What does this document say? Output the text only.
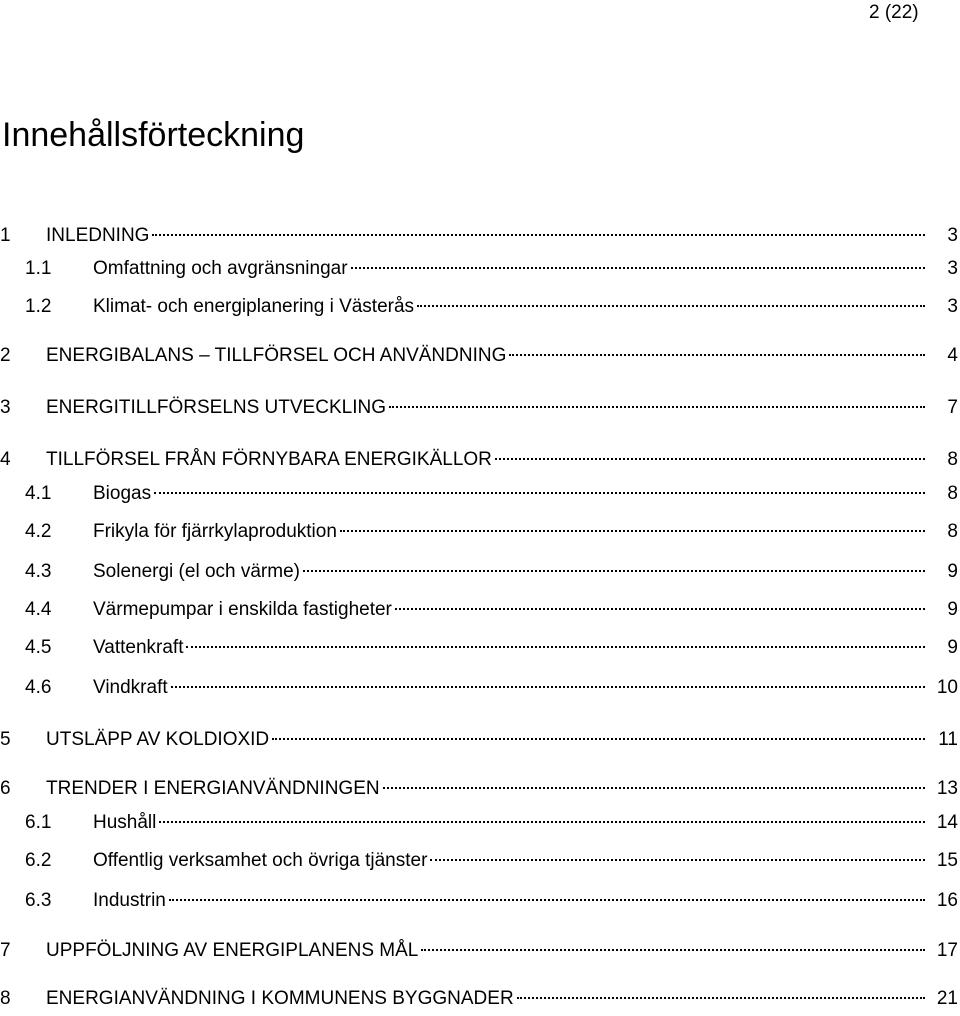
2 (22)
Innehållsförteckning
1 INLEDNING	3
1.1 Omfattning och avgränsningar	3
1.2 Klimat- och energiplanering i Västerås	3
2 ENERGIBALANS – TILLFÖRSEL OCH ANVÄNDNING	4
3 ENERGITILLFÖRSELNS UTVECKLING	7
4 TILLFÖRSEL FRÅN FÖRNYBARA ENERGIKÄLLOR	8
4.1 Biogas	8
4.2 Frikyla för fjärrkylaproduktion	8
4.3 Solenergi (el och värme)	9
4.4 Värmepumpar i enskilda fastigheter	9
4.5 Vattenkraft	9
4.6 Vindkraft	10
5 UTSLÄPP AV KOLDIOXID	11
6 TRENDER I ENERGIANVÄNDNINGEN	13
6.1 Hushåll	14
6.2 Offentlig verksamhet och övriga tjänster	15
6.3 Industrin	16
7 UPPFÖLJNING AV ENERGIPLANENS MÅL	17
8 ENERGIANVÄNDNING I KOMMUNENS BYGGNADER	21
